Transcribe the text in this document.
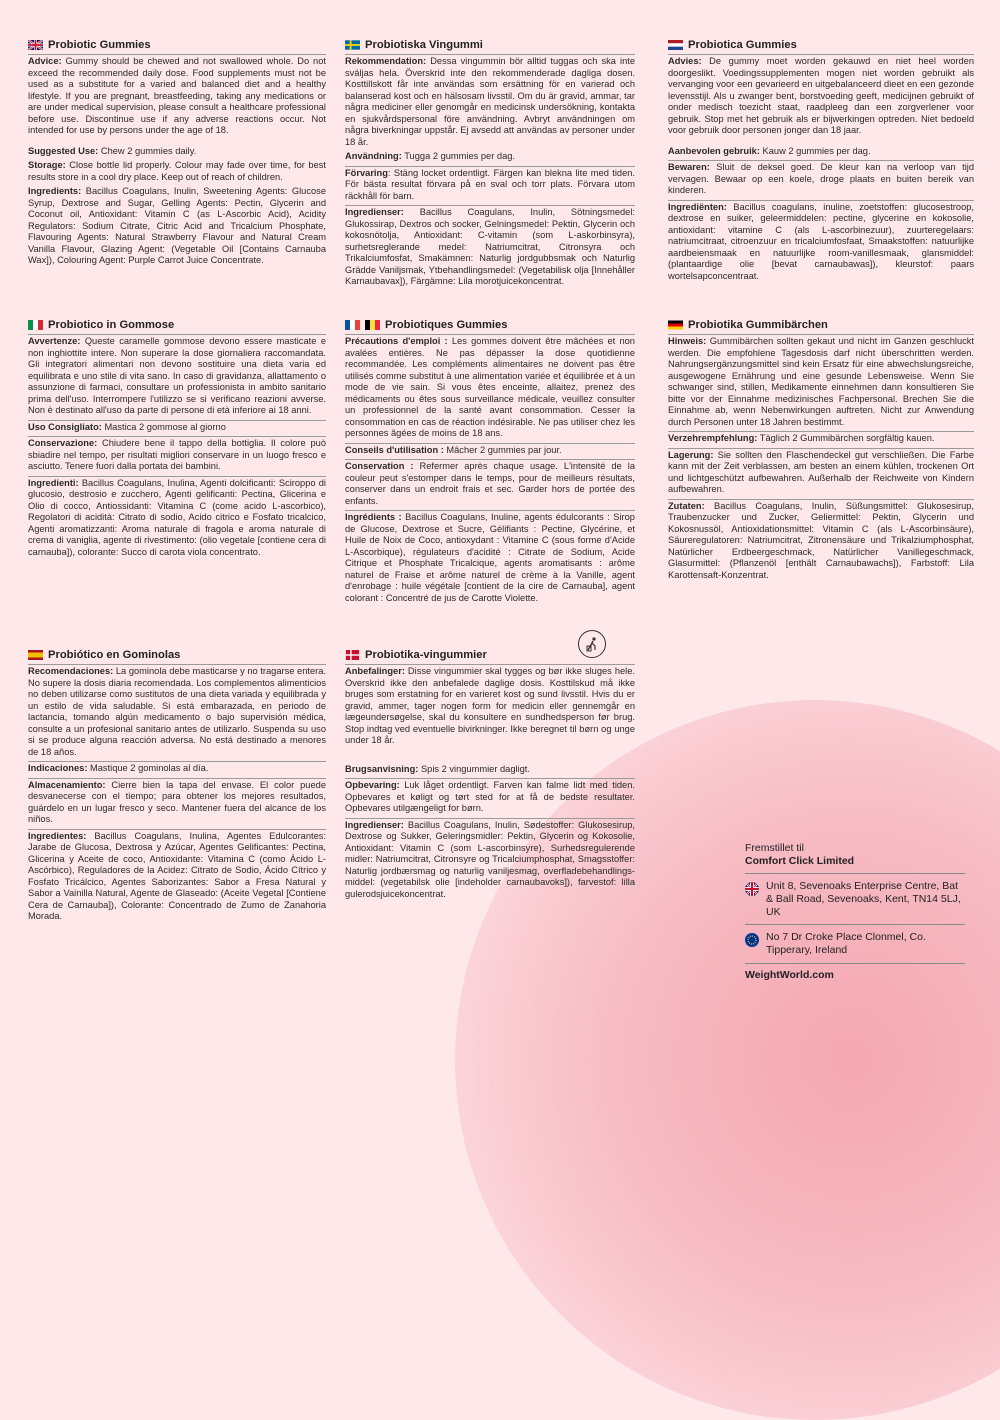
Probiotic Gummies

Advice: Gummy should be chewed and not swallowed whole. Do not exceed the recommended daily dose. Food supplements must not be used as a substitute for a varied and balanced diet and a healthy lifestyle. If you are pregnant, breastfeeding, taking any medications or are under medical supervision, please consult a healthcare professional before use. Discontinue use if any adverse reactions occur. Not intended for use by persons under the age of 18.

Suggested Use: Chew 2 gummies daily.

Storage: Close bottle lid properly. Colour may fade over time, for best results store in a cool dry place. Keep out of reach of children.

Ingredients: Bacillus Coagulans, Inulin, Sweetening Agents: Glucose Syrup, Dextrose and Sugar, Gelling Agents: Pectin, Glycerin and Coconut oil, Antioxidant: Vitamin C (as L-Ascorbic Acid), Acidity Regulators: Sodium Citrate, Citric Acid and Tricalcium Phosphate, Flavouring Agents: Natural Strawberry Flavour and Natural Cream Vanilla Flavour, Glazing Agent: (Vegetable Oil [Contains Carnauba Wax]), Colouring Agent: Purple Carrot Juice Concentrate.

Probiotiska Vingummi

Rekommendation: Dessa vingummin bör alltid tuggas och ska inte sväljas hela. Överskrid inte den rekommenderade dagliga dosen. Kosttillskott får inte användas som ersättning för en varierad och balanserad kost och en hälsosam livsstil. Om du är gravid, ammar, tar några mediciner eller genomgår en medicinsk undersökning, kontakta en sjukvårdspersonal före användning. Avbryt användningen om några biverkningar uppstår. Ej avsedd att användas av personer under 18 år.

Användning: Tugga 2 gummies per dag.

Förvaring: Stäng locket ordentligt. Färgen kan blekna lite med tiden. För bästa resultat förvara på en sval och torr plats. Förvara utom räckhåll för barn.

Ingredienser: Bacillus Coagulans, Inulin, Sötningsmedel: Glukossirap, Dextros och socker, Gelningsmedel: Pektin, Glycerin och kokosnötolja, Antioxidant: C-vitamin (som L-askorbinsyra), surhetsreglerande medel: Natriumcitrat, Citronsyra och Trikalciumfosfat, Smakämnen: Naturlig jordgubbsmak och Naturlig Grädde Vaniljsmak, Ytbehandlingsmedel: (Vegetabilisk olja [Innehåller Karnaubavax]), Färgämne: Lila morotjuicekoncentrat.

Probiotica Gummies

Advies: De gummy moet worden gekauwd en niet heel worden doorgeslikt. Voedingssupplementen mogen niet worden gebruikt als vervanging voor een gevarieerd en uitgebalanceerd dieet en een gezonde levensstijl. Als u zwanger bent, borstvoeding geeft, medicijnen gebruikt of onder medisch toezicht staat, raadpleeg dan een zorgverlener voor gebruik. Stop met het gebruik als er bijwerkingen optreden. Niet bedoeld voor gebruik door personen jonger dan 18 jaar.

Aanbevolen gebruik: Kauw 2 gummies per dag.

Bewaren: Sluit de deksel goed. De kleur kan na verloop van tijd vervagen. Bewaar op een koele, droge plaats en buiten bereik van kinderen.

Ingrediënten: Bacillus coagulans, inuline, zoetstoffen: glucosestroop, dextrose en suiker, geleermiddelen: pectine, glycerine en kokosolie, antioxidant: vitamine C (als L-ascorbinezuur), zuurteregelaars: natriumcitraat, citroenzuur en tricalciumfosfaat, Smaakstoffen: natuurlijke aardbeiensmaak en natuurlijke room-vanillesmaak, glansmiddel: (plantaardige olie [bevat carnaubawas]), kleurstof: paars wortelsapconcentraat.

Probiotico in Gommose

Avvertenze: Queste caramelle gommose devono essere masticate e non inghiottite intere. Non superare la dose giornaliera raccomandata. Gli integratori alimentari non devono sostituire una dieta varia ed equilibrata e uno stile di vita sano. In caso di gravidanza, allattamento o assunzione di farmaci, consultare un professionista in ambito sanitario prima dell'uso. Interrompere l'utilizzo se si verificano reazioni avverse. Non è destinato all'uso da parte di persone di età inferiore ai 18 anni.

Uso Consigliato: Mastica 2 gommose al giorno

Conservazione: Chiudere bene il tappo della bottiglia. Il colore può sbiadire nel tempo, per risultati migliori conservare in un luogo fresco e asciutto. Tenere fuori dalla portata dei bambini.

Ingredienti: Bacillus Coagulans, Inulina, Agenti dolcificanti: Sciroppo di glucosio, destrosio e zucchero, Agenti gelificanti: Pectina, Glicerina e Olio di cocco, Antiossidanti: Vitamina C (come acido L-ascorbico), Regolatori di acidità: Citrato di sodio, Acido citrico e Fosfato tricalcico, Agenti aromatizzanti: Aroma naturale di fragola e aroma naturale di crema di vaniglia, agente di rivestimento: (olio vegetale [contiene cera di carnauba]), colorante: Succo di carota viola concentrato.

Probiotiques Gummies

Précautions d'emploi : Les gommes doivent être mâchées et non avalées entières. Ne pas dépasser la dose quotidienne recommandée. Les compléments alimentaires ne doivent pas être utilisés comme substitut à une alimentation variée et équilibrée et à un mode de vie sain. Si vous êtes enceinte, allaitez, prenez des médicaments ou êtes sous surveillance médicale, veuillez consulter un professionnel de la santé avant consommation. Cesser la consommation en cas de réaction indésirable. Ne pas utiliser chez les personnes âgées de moins de 18 ans.

Conseils d'utilisation : Mâcher 2 gummies par jour.

Conservation : Refermer après chaque usage. L'intensité de la couleur peut s'estomper dans le temps, pour de meilleurs résultats, conserver dans un endroit frais et sec. Garder hors de portée des enfants.

Ingrédients : Bacillus Coagulans, Inuline, agents édulcorants : Sirop de Glucose, Dextrose et Sucre, Gélifiants : Pectine, Glycérine, et Huile de Noix de Coco, antioxydant : Vitamine C (sous forme d'Acide L-Ascorbique), régulateurs d'acidité : Citrate de Sodium, Acide Citrique et Phosphate Tricalcique, agents aromatisants : arôme naturel de Fraise et arôme naturel de crème à la Vanille, agent d'enrobage : huile végétale [contient de la cire de Carnauba], agent colorant : Concentré de jus de Carotte Violette.

Probiotika Gummibärchen

Hinweis: Gummibärchen sollten gekaut und nicht im Ganzen geschluckt werden. Die empfohlene Tagesdosis darf nicht überschritten werden. Nahrungsergänzungsmittel sind kein Ersatz für eine abwechslungsreiche, ausgewogene Ernährung und eine gesunde Lebensweise. Wenn Sie schwanger sind, stillen, Medikamente einnehmen dann konsultieren Sie bitte vor der Einnahme medizinisches Fachpersonal. Brechen Sie die Einnahme ab, wenn Nebenwirkungen auftreten. Nicht zur Anwendung durch Personen unter 18 Jahren bestimmt.

Verzehrempfehlung: Täglich 2 Gummibärchen sorgfältig kauen.

Lagerung: Sie sollten den Flaschendeckel gut verschließen. Die Farbe kann mit der Zeit verblassen, am besten an einem kühlen, trockenen Ort und lichtgeschützt aufbewahren. Außerhalb der Reichweite von Kindern aufbewahren.

Zutaten: Bacillus Coagulans, Inulin, Süßungsmittel: Glukosesirup, Traubenzucker und Zucker, Geliermittel: Pektin, Glycerin und Kokosnussöl, Antioxidationsmittel: Vitamin C (als L-Ascorbinsäure), Säureregulatoren: Natriumcitrat, Zitronensäure und Trikalziumphosphat, Natürlicher Erdbeergeschmack, Natürlicher Vanillegeschmack, Glasurmittel: (Pflanzenöl [enthält Carnaubawachs]), Farbstoff: Lila Karottensaft-Konzentrat.

Probiótico en Gominolas

Recomendaciones: La gominola debe masticarse y no tragarse entera. No supere la dosis diaria recomendada. Los complementos alimenticios no deben utilizarse como sustitutos de una dieta variada y equilibrada y un estilo de vida saludable. Si está embarazada, en periodo de lactancia, tomando algún medicamento o bajo supervisión médica, consulte a un profesional sanitario antes de utilizarlo. Suspenda su uso si se produce alguna reacción adversa. No está destinado a menores de 18 años.

Indicaciones: Mastique 2 gominolas al día.

Almacenamiento: Cierre bien la tapa del envase. El color puede desvanecerse con el tiempo; para obtener los mejores resultados, guárdelo en un lugar fresco y seco. Mantener fuera del alcance de los niños.

Ingredientes: Bacillus Coagulans, Inulina, Agentes Edulcorantes: Jarabe de Glucosa, Dextrosa y Azúcar, Agentes Gelificantes: Pectina, Glicerina y Aceite de coco, Antioxidante: Vitamina C (como Ácido L-Ascórbico), Reguladores de la Acidez: Citrato de Sodio, Ácido Cítrico y Fosfato Tricálcico, Agentes Saborizantes: Sabor a Fresa Natural y Sabor a Vainilla Natural, Agente de Glaseado: (Aceite Vegetal [Contiene Cera de Carnauba]), Colorante: Concentrado de Zumo de Zanahoria Morada.

Probiotika-vingummier

Anbefalinger: Disse vingummier skal tygges og bør ikke sluges hele. Overskrid ikke den anbefalede daglige dosis. Kosttilskud må ikke bruges som erstatning for en varieret kost og sund livsstil. Hvis du er gravid, ammer, tager nogen form for medicin eller gennemgår en lægeundersøgelse, skal du konsultere en sundhedsperson før brug. Stop indtag ved eventuelle bivirkninger. Ikke beregnet til børn og unge under 18 år.

Brugsanvisning: Spis 2 vingummier dagligt.

Opbevaring: Luk låget ordentligt. Farven kan falme lidt med tiden. Opbevares et køligt og tørt sted for at få de bedste resultater. Opbevares utilgængeligt for børn.

Ingredienser: Bacillus Coagulans, Inulin, Sødestoffer: Glukosesirup, Dextrose og Sukker, Geleringsmidler: Pektin, Glycerin og Kokosolie, Antioxidant: Vitamin C (som L-ascorbinsyre), Surhedsregulerende midler: Natriumcitrat, Citronsyre og Tricalciumphosphat, Smagsstoffer: Naturlig jordbærsmag og naturlig vaniljesmag, overfladebehandlings-middel: (vegetabilsk olie [indeholder carnaubavoks]), farvestof: lilla gulerodsjuicekoncentrat.

Fremstillet til
Comfort Click Limited
Unit 8, Sevenoaks Enterprise Centre, Bat & Ball Road, Sevenoaks, Kent, TN14 5LJ, UK
No 7 Dr Croke Place Clonmel, Co. Tipperary, Ireland
WeightWorld.com
